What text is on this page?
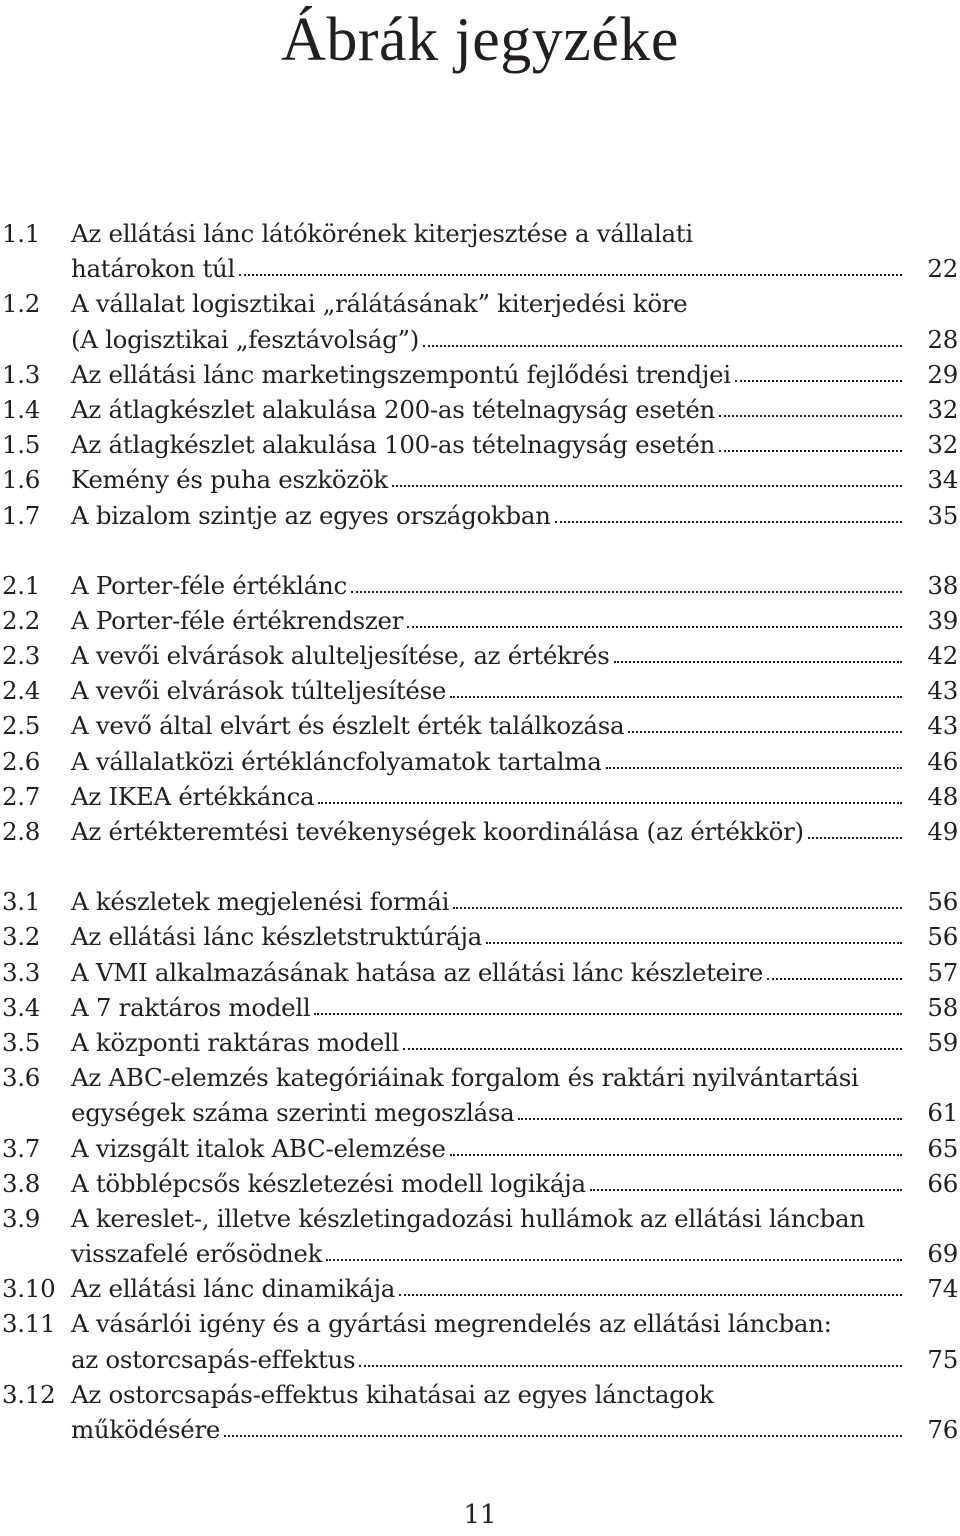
Ábrák jegyzéke
1.1	Az ellátási lánc látókörének kiterjesztése a vállalati
határokon túl	22
1.2	A vállalat logisztikai „rálátásának” kiterjedési köre
(A logisztikai „fesztávolság”)	28
1.3	Az ellátási lánc marketingszempontú fejlődési trendjei	29
1.4	Az átlagkészlet alakulása 200-as tételnagyság esetén	32
1.5	Az átlagkészlet alakulása 100-as tételnagyság esetén	32
1.6	Kemény és puha eszközök	34
1.7	A bizalom szintje az egyes országokban	35
2.1	A Porter-féle értéklánc	38
2.2	A Porter-féle értékrendszer	39
2.3	A vevői elvárások alulteljesítése, az értékrés	42
2.4	A vevői elvárások túlteljesítése	43
2.5	A vevő által elvárt és észlelt érték találkozása	43
2.6	A vállalatközi értékláncfolyamatok tartalma	46
2.7	Az IKEA értékkánca	48
2.8	Az értékteremtési tevékenységek koordinálása (az értékkör)	49
3.1	A készletek megjelenési formái	56
3.2	Az ellátási lánc készletstruktúrája	56
3.3	A VMI alkalmazásának hatása az ellátási lánc készleteire	57
3.4	A 7 raktáros modell	58
3.5	A központi raktáras modell	59
3.6	Az ABC-elemzés kategóriáinak forgalom és raktári nyilvántartási
egységek száma szerinti megoszlása	61
3.7	A vizsgált italok ABC-elemzése	65
3.8	A többlépcsős készletezési modell logikája	66
3.9	A kereslet-, illetve készletingadozási hullámok az ellátási láncban
visszafelé erősödnek	69
3.10 Az ellátási lánc dinamikája	74
3.11 A vásárlói igény és a gyártási megrendelés az ellátási láncban:
az ostorcsapás-effektus	75
3.12 Az ostorcsapás-effektus kihatásai az egyes lánctagok
működésére	76
11
